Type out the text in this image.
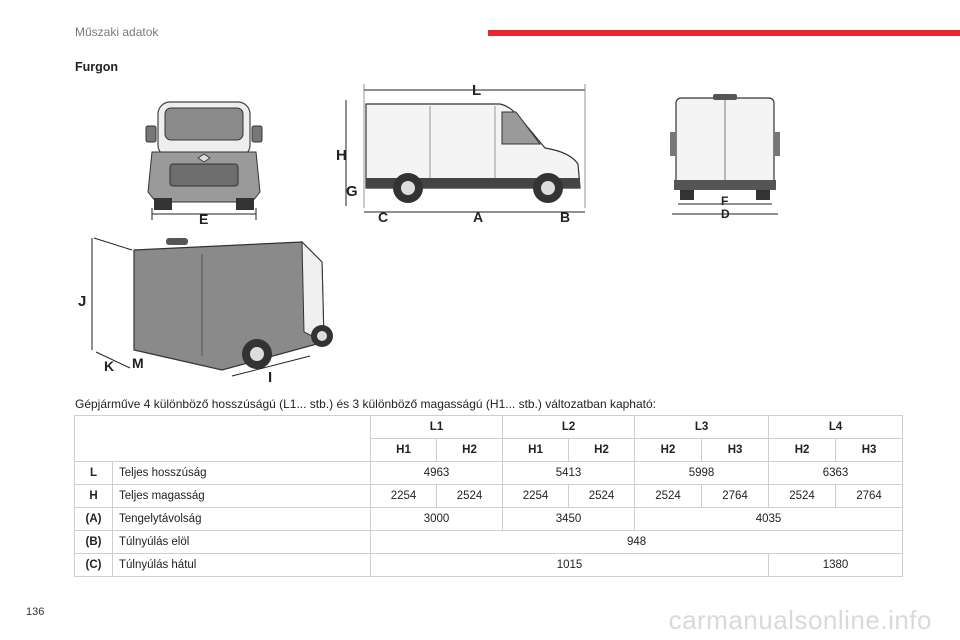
Műszaki adatok
Furgon
E
L
H
G
C	A	B
F
D
J
K M
I
Gépjárműve 4 különböző hosszúságú (L1... stb.) és 3 különböző magasságú (H1... stb.) változatban kapható:
		L1		L2		L3		L4	
		H1	H2	H1	H2	H2	H3	H2	H3
L	Teljes hosszúság	4963		5413		5998		6363	
H	Teljes magasság	2254	2524	2254	2524	2524	2764	2524	2764
(A)	Tengelytávolság	3000		3450		4035			
(B)	Túlnyúlás elöl	948							
(C)	Túlnyúlás hátul	1015						1380	
136	carmanualsonline.info
